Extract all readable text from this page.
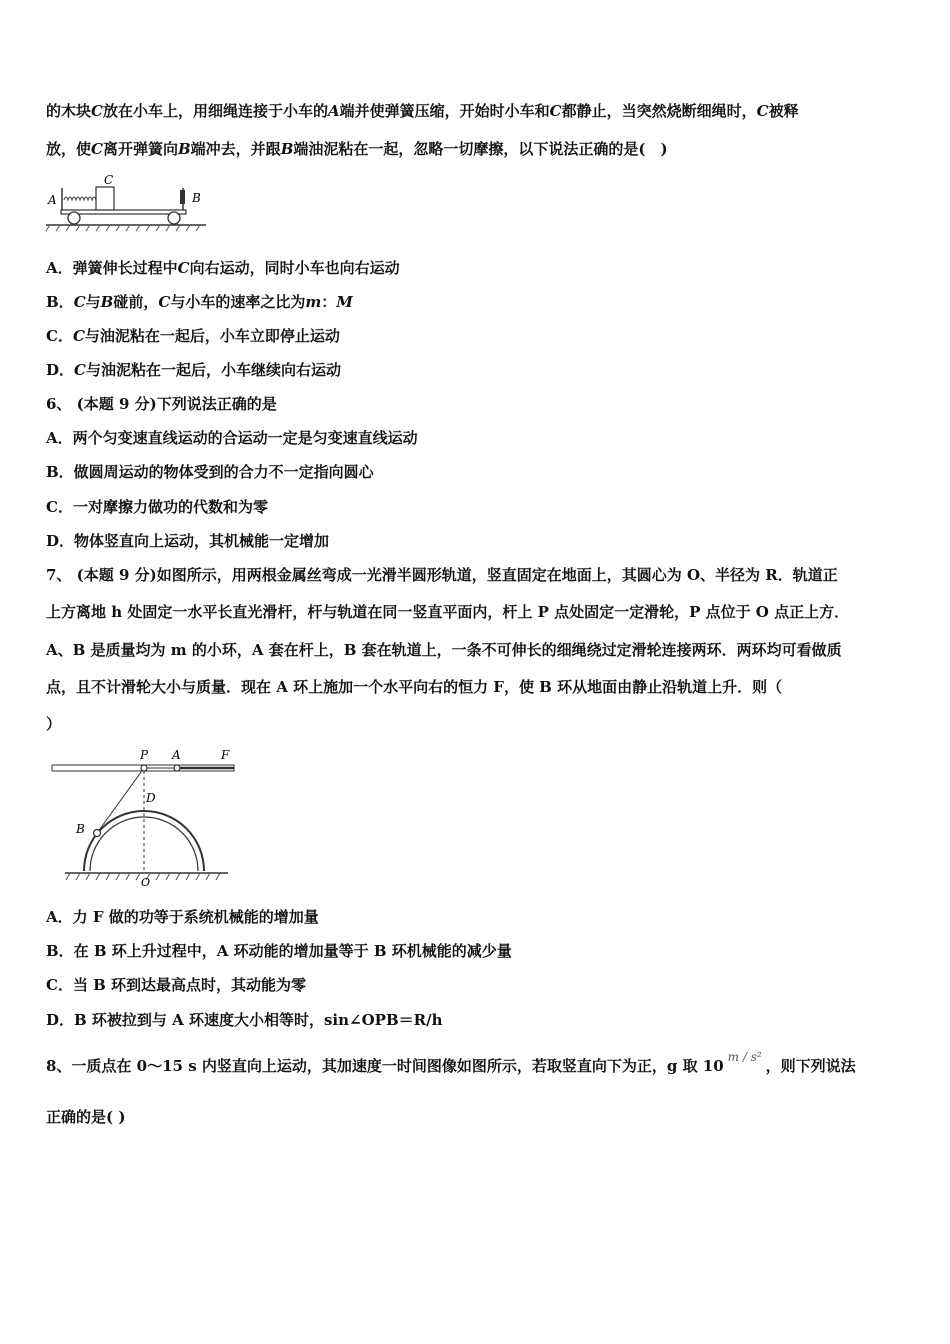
的木块C放在小车上，用细绳连接于小车的A端并使弹簧压缩，开始时小车和C都静止，当突然烧断细绳时，C被释
放，使C离开弹簧向B端冲去，并跟B端油泥粘在一起，忽略一切摩擦，以下说法正确的是(　)
A	B
C
A．弹簧伸长过程中C向右运动，同时小车也向右运动
B．C与B碰前，C与小车的速率之比为m：M
C．C与油泥粘在一起后，小车立即停止运动
D．C与油泥粘在一起后，小车继续向右运动
6、 (本题 9 分)下列说法正确的是
A．两个匀变速直线运动的合运动一定是匀变速直线运动
B．做圆周运动的物体受到的合力不一定指向圆心
C．一对摩擦力做功的代数和为零
D．物体竖直向上运动，其机械能一定增加
7、 (本题 9 分)如图所示，用两根金属丝弯成一光滑半圆形轨道，竖直固定在地面上，其圆心为 O、半径为 R．轨道正
上方离地 h 处固定一水平长直光滑杆，杆与轨道在同一竖直平面内，杆上 P 点处固定一定滑轮，P 点位于 O 点正上方．
A、B 是质量均为 m 的小环，A 套在杆上，B 套在轨道上，一条不可伸长的细绳绕过定滑轮连接两环．两环均可看做质
点，且不计滑轮大小与质量．现在 A 环上施加一个水平向右的恒力 F，使 B 环从地面由静止沿轨道上升．则（
）
P A	F
D
B
O
A．力 F 做的功等于系统机械能的增加量
B．在 B 环上升过程中，A 环动能的增加量等于 B 环机械能的减少量
C．当 B 环到达最高点时，其动能为零
D．B 环被拉到与 A 环速度大小相等时，sin∠OPB＝R/h
8、一质点在 0～15 s 内竖直向上运动，其加速度一时间图像如图所示，若取竖直向下为正，g 取 10 m / s² ，则下列说法
正确的是( )
